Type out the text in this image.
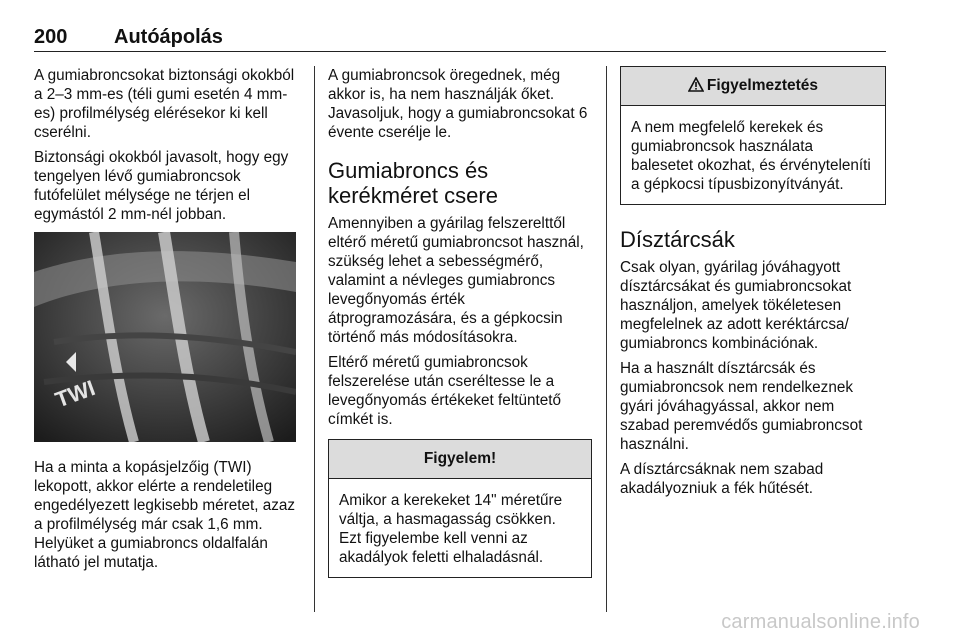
200 Autóápolás

A gumiabroncsokat biztonsági okokból a 2–3 mm-es (téli gumi esetén 4 mm-es) profilmélység elérésekor ki kell cserélni.

Biztonsági okokból javasolt, hogy egy tengelyen lévő gumiabroncsok futófelület mélysége ne térjen el egymástól 2 mm-nél jobban.

TWI

Ha a minta a kopásjelzőig (TWI) lekopott, akkor elérte a rendeletileg engedélyezett legkisebb méretet, azaz a profilmélység már csak 1,6 mm. Helyüket a gumiabroncs oldalfalán látható jel mutatja.

A gumiabroncsok öregednek, még akkor is, ha nem használják őket. Javasoljuk, hogy a gumiabroncsokat 6 évente cserélje le.

Gumiabroncs és kerékméret csere

Amennyiben a gyárilag felszerelttől eltérő méretű gumiabroncsot használ, szükség lehet a sebességmérő, valamint a névleges gumiabroncs levegőnyomás érték átprogramozására, és a gépkocsin történő más módosításokra.

Eltérő méretű gumiabroncsok felszerelése után cseréltesse le a levegőnyomás értékeket feltüntető címkét is.

Figyelem!

Amikor a kerekeket 14" méretűre váltja, a hasmagasság csökken. Ezt figyelembe kell venni az akadályok feletti elhaladásnál.

Figyelmeztetés

A nem megfelelő kerekek és gumiabroncsok használata balesetet okozhat, és érvényteleníti a gépkocsi típusbizonyítványát.

Dísztárcsák

Csak olyan, gyárilag jóváhagyott dísztárcsákat és gumiabroncsokat használjon, amelyek tökéletesen megfelelnek az adott keréktárcsa/ gumiabroncs kombinációnak.

Ha a használt dísztárcsák és gumiabroncsok nem rendelkeznek gyári jóváhagyással, akkor nem szabad peremvédős gumiabroncsot használni.

A dísztárcsáknak nem szabad akadályozniuk a fék hűtését.

carmanualsonline.info
